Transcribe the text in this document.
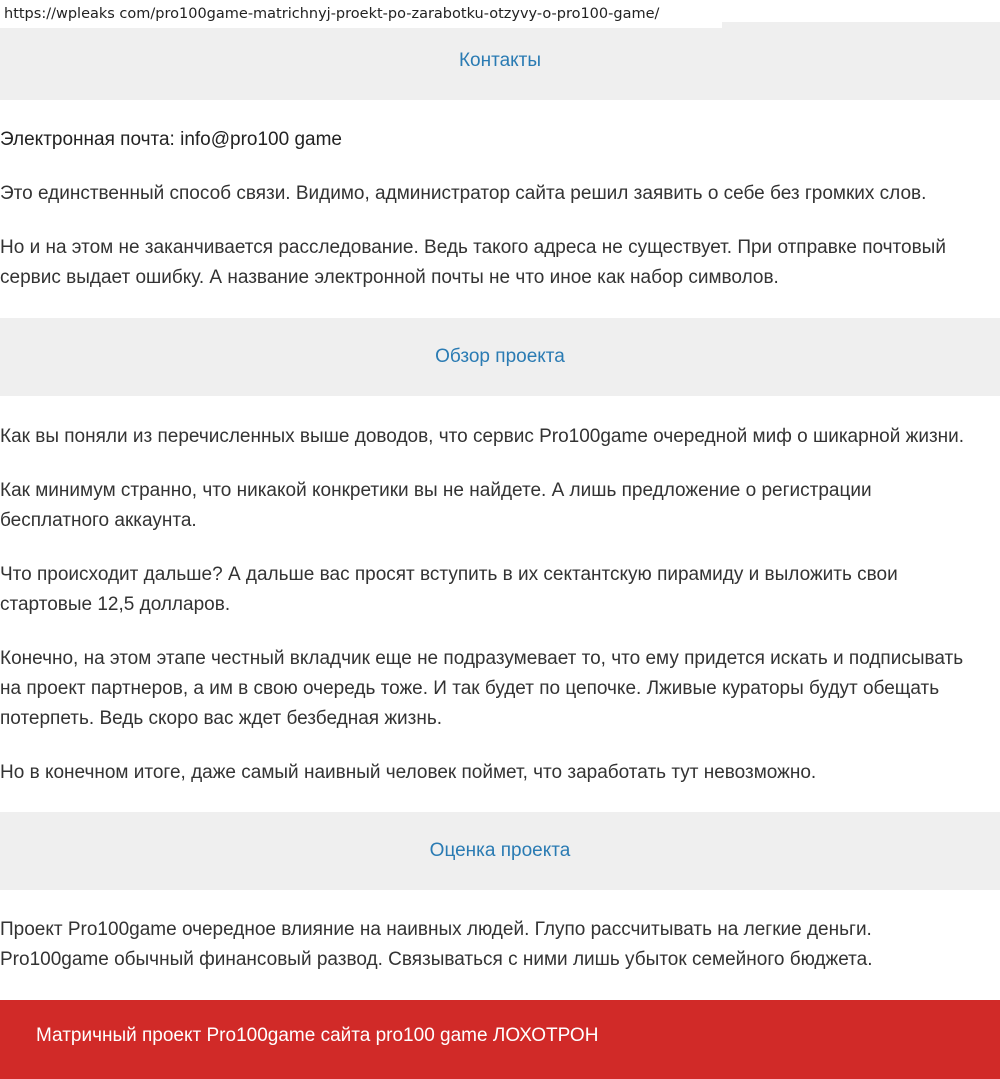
https://wpleaks com/pro100game-matrichnyj-proekt-po-zarabotku-otzyvy-o-pro100-game/
Контакты

Электронная почта: info@pro100 game

Это единственный способ связи. Видимо, администратор сайта решил заявить о себе без громких слов.

Но и на этом не заканчивается расследование. Ведь такого адреса не существует. При отправке почтовый

сервис выдает ошибку. А название электронной почты не что иное как набор символов.

Обзор проекта

Как вы поняли из перечисленных выше доводов, что сервис Pro100game очередной миф о шикарной жизни.

Как минимум странно, что никакой конкретики вы не найдете. А лишь предложение о регистрации

бесплатного аккаунта.

Что происходит дальше? А дальше вас просят вступить в их сектантскую пирамиду и выложить свои

стартовые 12,5 долларов.

Конечно, на этом этапе честный вкладчик еще не подразумевает то, что ему придется искать и подписывать

на проект партнеров, а им в свою очередь тоже. И так будет по цепочке. Лживые кураторы будут обещать

потерпеть. Ведь скоро вас ждет безбедная жизнь.

Но в конечном итоге, даже самый наивный человек поймет, что заработать тут невозможно.

Оценка проекта

Проект Pro100game очередное влияние на наивных людей. Глупо рассчитывать на легкие деньги.

Pro100game обычный финансовый развод. Связываться с ними лишь убыток семейного бюджета.

Матричный проект Pro100game сайта pro100 game ЛОХОТРОН
